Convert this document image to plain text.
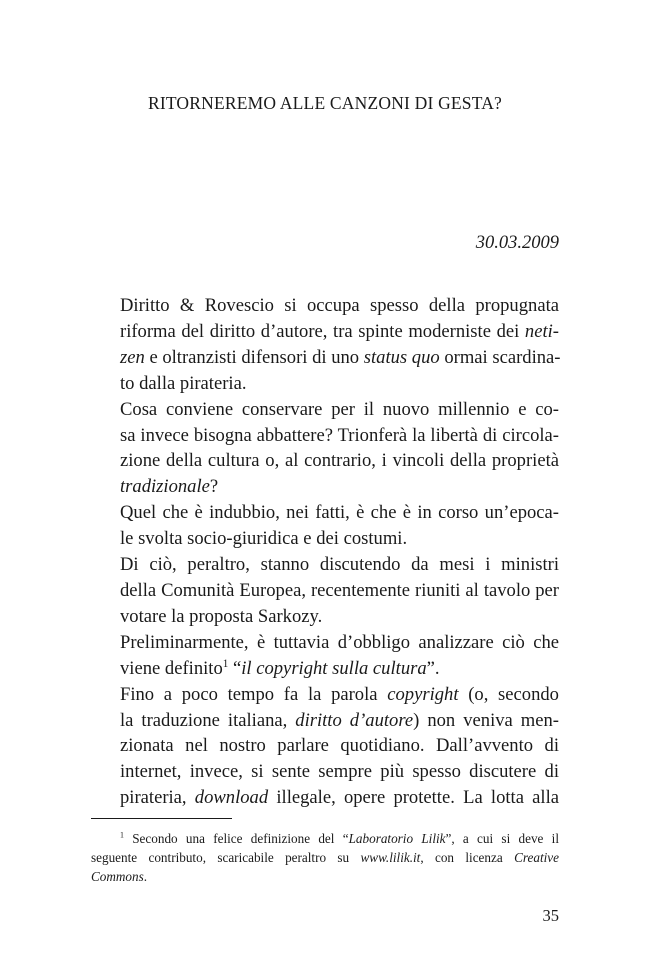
RITORNEREMO ALLE CANZONI DI GESTA?
30.03.2009

Diritto & Rovescio si occupa spesso della propugnata
riforma del diritto d’autore, tra spinte moderniste dei neti-
zen e oltranzisti difensori di uno status quo ormai scardina-
to dalla pirateria.

Cosa conviene conservare per il nuovo millennio e co-
sa invece bisogna abbattere? Trionferà la libertà di circola-
zione della cultura o, al contrario, i vincoli della proprietà
tradizionale?

Quel che è indubbio, nei fatti, è che è in corso un’epoca-
le svolta socio-giuridica e dei costumi.

Di ciò, peraltro, stanno discutendo da mesi i ministri
della Comunità Europea, recentemente riuniti al tavolo per
votare la proposta Sarkozy.

Preliminarmente, è tuttavia d’obbligo analizzare ciò che
viene definito$^1$ “il copyright sulla cultura”.

Fino a poco tempo fa la parola copyright (o, secondo
la traduzione italiana, diritto d’autore) non veniva men-
zionata nel nostro parlare quotidiano. Dall’avvento di
internet, invece, si sente sempre più spesso discutere di
pirateria, download illegale, opere protette. La lotta alla

$^1$ Secondo una felice definizione del “Laboratorio Lilik”, a cui si deve il
seguente contributo, scaricabile peraltro su www.lilik.it, con licenza Creative
Commons.
35
